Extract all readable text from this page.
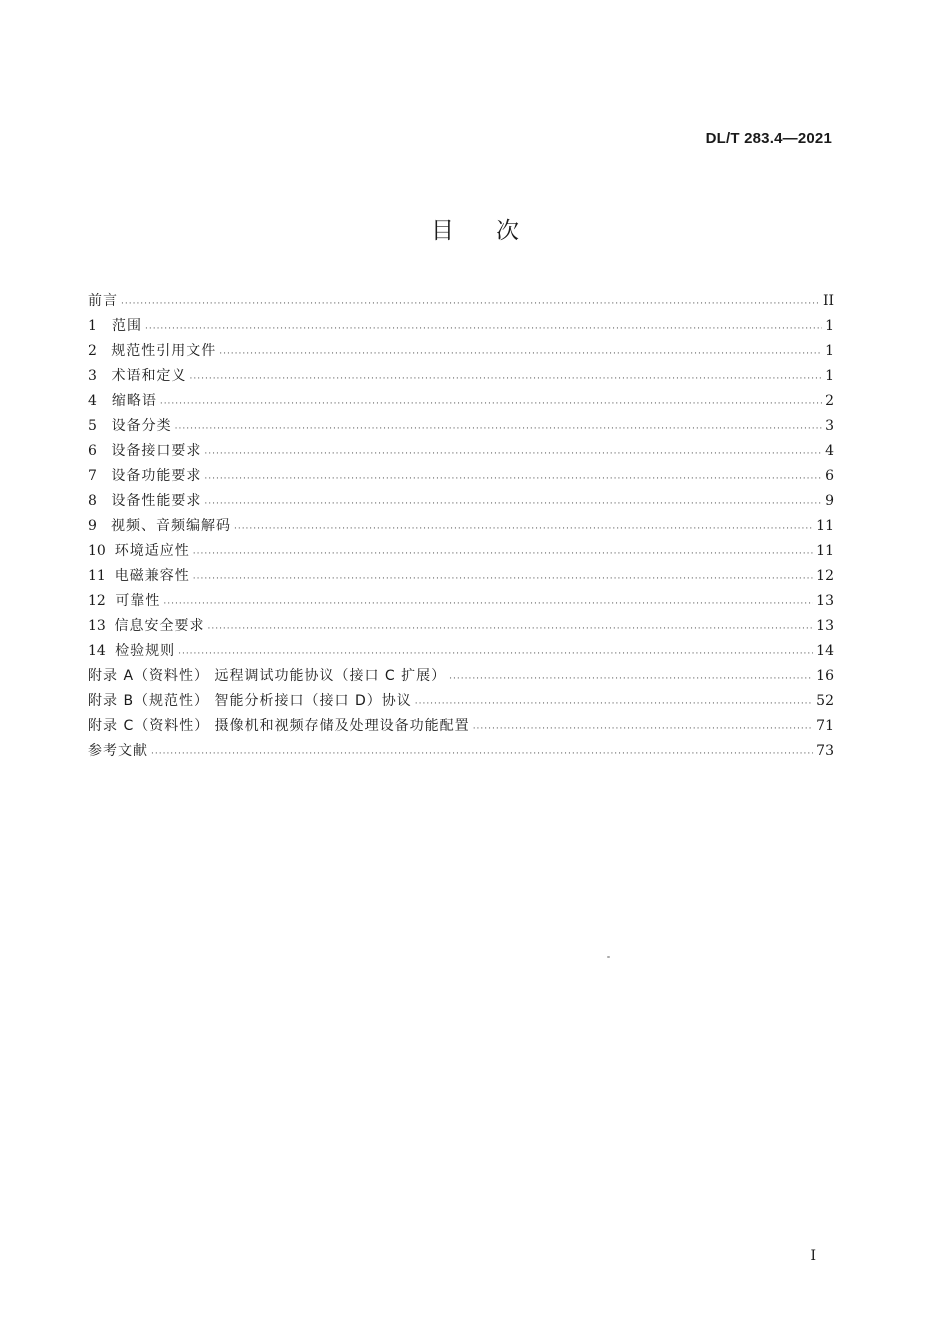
DL/T 283.4—2021
目次
前言 ·····	II
1 范围 ·····	1
2 规范性引用文件 ·····	1
3 术语和定义 ·····	1
4 缩略语 ·····	2
5 设备分类 ·····	3
6 设备接口要求 ·····	4
7 设备功能要求 ·····	6
8 设备性能要求 ·····	9
9 视频、音频编解码 ·····	11
10 环境适应性 ·····	11
11 电磁兼容性 ·····	12
12 可靠性 ·····	13
13 信息安全要求 ·····	13
14 检验规则 ·····	14
附录 A（资料性） 远程调试功能协议（接口 C 扩展） ·····	16
附录 B（规范性） 智能分析接口（接口 D）协议 ·····	52
附录 C（资料性） 摄像机和视频存储及处理设备功能配置 ·····	71
参考文献 ·····	73
I
